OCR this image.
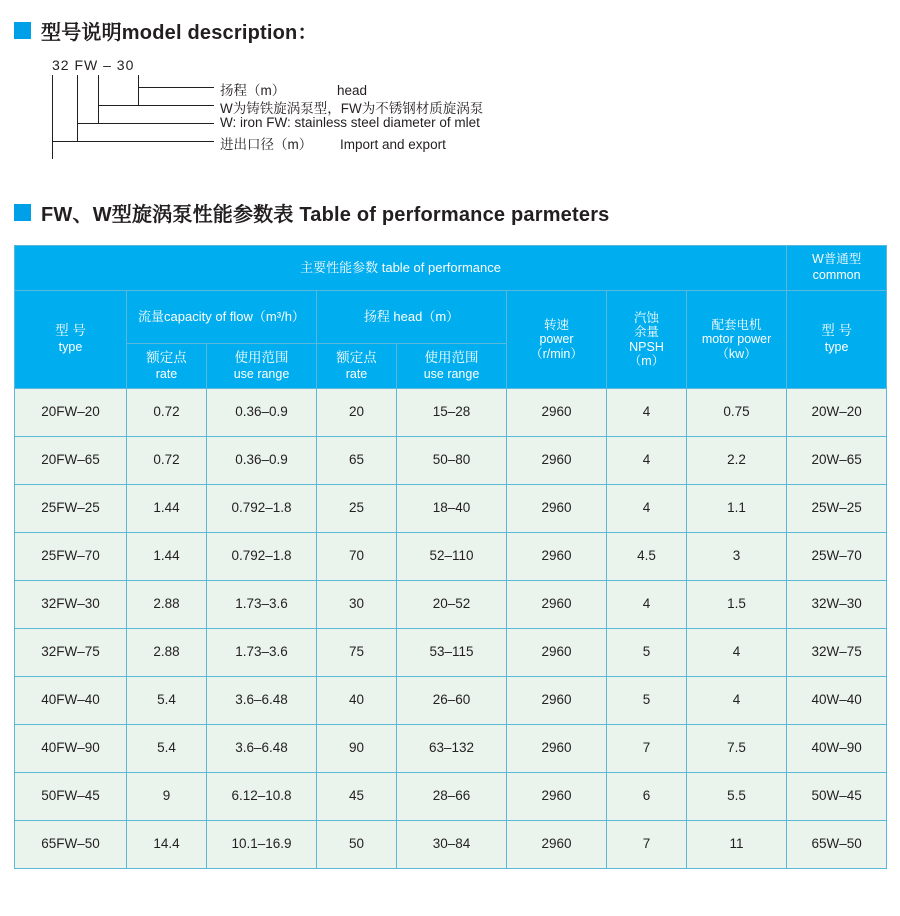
型号说明model description：
32 FW – 30
扬程（m）	head
W为铸铁旋涡泵型，FW为不锈钢材质旋涡泵
W: iron FW: stainless steel diameter of mlet
进出口径（m） Import and export
FW、W型旋涡泵性能参数表 Table of performance parmeters
主要性能参数 table of performance								W普通型
common

型 号
type	流量capacity of flow（m³/h）		扬程 head（m）		转速
power
（r/min）	汽蚀
余量
NPSH
（m）	配套电机
motor power
（kw）	型 号
type

	额定点
rate	使用范围
use range	额定点
rate	使用范围
use range				

20FW–20	0.72	0.36–0.9	20	15–28	2960	4	0.75	20W–20
20FW–65	0.72	0.36–0.9	65	50–80	2960	4	2.2	20W–65
25FW–25	1.44	0.792–1.8	25	18–40	2960	4	1.1	25W–25
25FW–70	1.44	0.792–1.8	70	52–110	2960	4.5	3	25W–70
32FW–30	2.88	1.73–3.6	30	20–52	2960	4	1.5	32W–30
32FW–75	2.88	1.73–3.6	75	53–115	2960	5	4	32W–75
40FW–40	5.4	3.6–6.48	40	26–60	2960	5	4	40W–40
40FW–90	5.4	3.6–6.48	90	63–132	2960	7	7.5	40W–90
50FW–45	9	6.12–10.8	45	28–66	2960	6	5.5	50W–45
65FW–50	14.4	10.1–16.9	50	30–84	2960	7	11	65W–50
